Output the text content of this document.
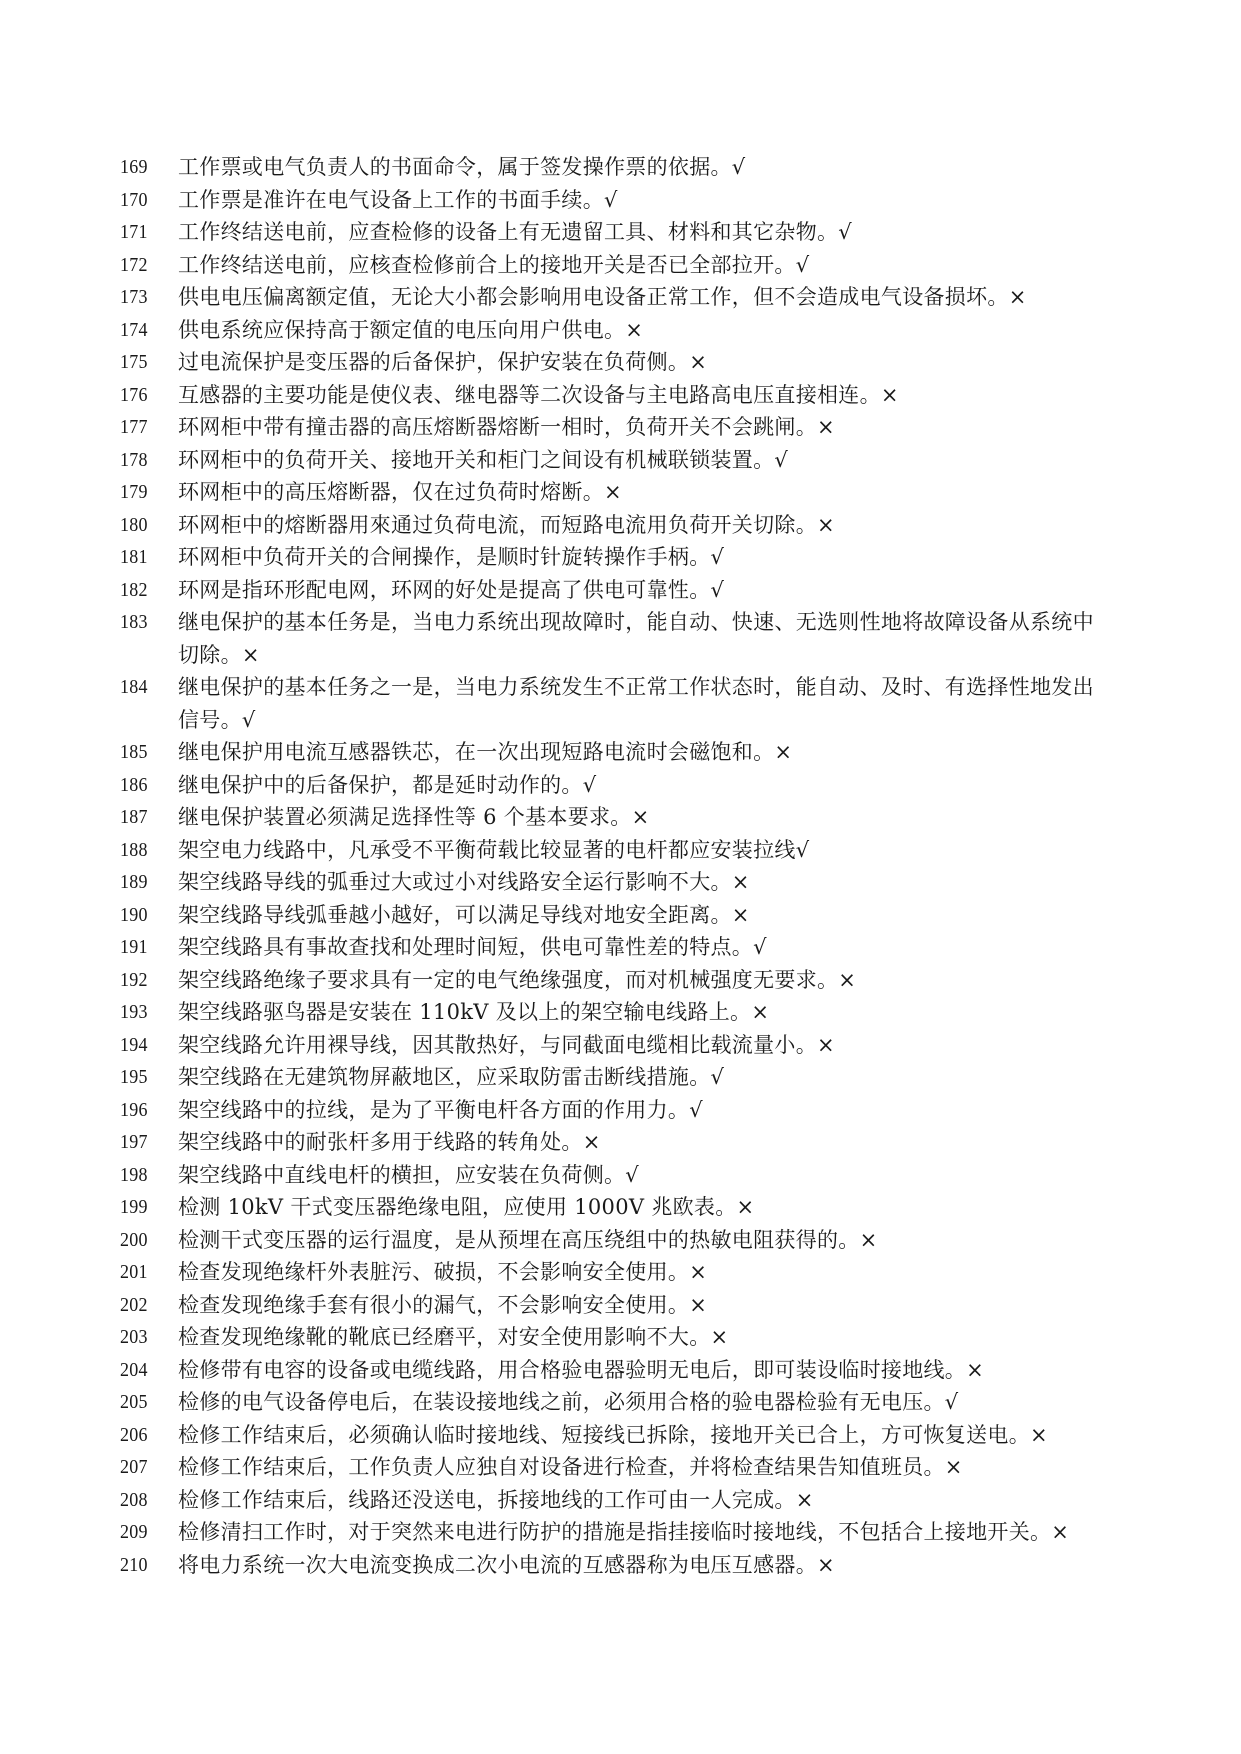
169	工作票或电气负责人的书面命令，属于签发操作票的依据。√
170	工作票是准许在电气设备上工作的书面手续。√
171	工作终结送电前，应查检修的设备上有无遗留工具、材料和其它杂物。√
172	工作终结送电前，应核查检修前合上的接地开关是否已全部拉开。√
173	供电电压偏离额定值，无论大小都会影响用电设备正常工作，但不会造成电气设备损坏。×
174	供电系统应保持高于额定值的电压向用户供电。×
175	过电流保护是变压器的后备保护，保护安装在负荷侧。×
176	互感器的主要功能是使仪表、继电器等二次设备与主电路高电压直接相连。×
177	环网柜中带有撞击器的高压熔断器熔断一相时，负荷开关不会跳闸。×
178	环网柜中的负荷开关、接地开关和柜门之间设有机械联锁装置。√
179	环网柜中的高压熔断器，仅在过负荷时熔断。×
180	环网柜中的熔断器用來通过负荷电流，而短路电流用负荷开关切除。×
181	环网柜中负荷开关的合闸操作，是顺时针旋转操作手柄。√
182	环网是指环形配电网，环网的好处是提高了供电可靠性。√
183	继电保护的基本任务是，当电力系统出现故障时，能自动、快速、无选则性地将故障设备从系统中切除。×
184	继电保护的基本任务之一是，当电力系统发生不正常工作状态时，能自动、及时、有选择性地发出信号。√
185	继电保护用电流互感器铁芯，在一次出现短路电流时会磁饱和。×
186	继电保护中的后备保护，都是延时动作的。√
187	继电保护装置必须满足选择性等 6 个基本要求。×
188	架空电力线路中，凡承受不平衡荷载比较显著的电杆都应安装拉线√
189	架空线路导线的弧垂过大或过小对线路安全运行影响不大。×
190	架空线路导线弧垂越小越好，可以满足导线对地安全距离。×
191	架空线路具有事故查找和处理时间短，供电可靠性差的特点。√
192	架空线路绝缘子要求具有一定的电气绝缘强度，而对机械强度无要求。×
193	架空线路驱鸟器是安装在 110kV 及以上的架空输电线路上。×
194	架空线路允许用裸导线，因其散热好，与同截面电缆相比载流量小。×
195	架空线路在无建筑物屏蔽地区，应采取防雷击断线措施。√
196	架空线路中的拉线，是为了平衡电杆各方面的作用力。√
197	架空线路中的耐张杆多用于线路的转角处。×
198	架空线路中直线电杆的横担，应安装在负荷侧。√
199	检测 10kV 干式变压器绝缘电阻，应使用 1000V 兆欧表。×
200	检测干式变压器的运行温度，是从预埋在高压绕组中的热敏电阻获得的。×
201	检查发现绝缘杆外表脏污、破损，不会影响安全使用。×
202	检查发现绝缘手套有很小的漏气，不会影响安全使用。×
203	检查发现绝缘靴的靴底已经磨平，对安全使用影响不大。×
204	检修带有电容的设备或电缆线路，用合格验电器验明无电后，即可装设临时接地线。×
205	检修的电气设备停电后，在装设接地线之前，必须用合格的验电器检验有无电压。√
206	检修工作结束后，必须确认临时接地线、短接线已拆除，接地开关已合上，方可恢复送电。×
207	检修工作结束后，工作负责人应独自对设备进行检查，并将检查结果告知值班员。×
208	检修工作结束后，线路还没送电，拆接地线的工作可由一人完成。×
209	检修清扫工作时，对于突然来电进行防护的措施是指挂接临时接地线，不包括合上接地开关。×
210	将电力系统一次大电流变换成二次小电流的互感器称为电压互感器。×
